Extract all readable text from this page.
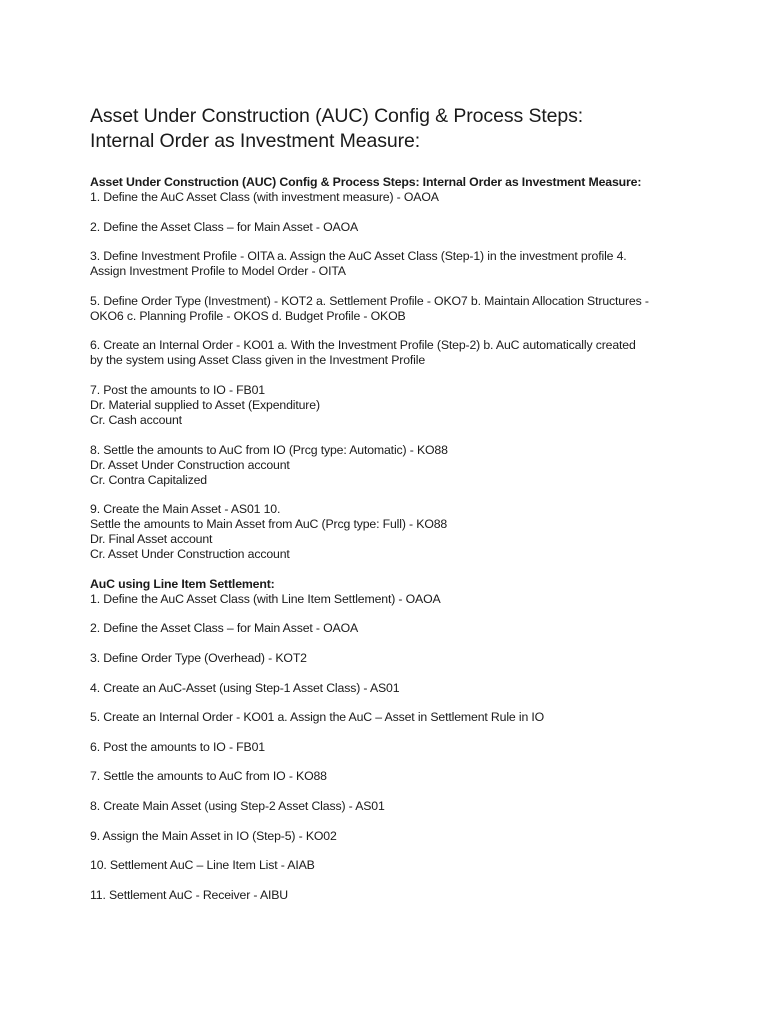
Asset Under Construction (AUC) Config & Process Steps:
Internal Order as Investment Measure:

Asset Under Construction (AUC) Config & Process Steps: Internal Order as Investment Measure:

1. Define the AuC Asset Class (with investment measure) - OAOA

2. Define the Asset Class – for Main Asset - OAOA

3. Define Investment Profile - OITA a. Assign the AuC Asset Class (Step-1) in the investment profile 4.
Assign Investment Profile to Model Order - OITA

5. Define Order Type (Investment) - KOT2 a. Settlement Profile - OKO7 b. Maintain Allocation Structures -
OKO6 c. Planning Profile - OKOS d. Budget Profile - OKOB

6. Create an Internal Order - KO01 a. With the Investment Profile (Step-2) b. AuC automatically created
by the system using Asset Class given in the Investment Profile

7. Post the amounts to IO - FB01
Dr. Material supplied to Asset (Expenditure)
Cr. Cash account

8. Settle the amounts to AuC from IO (Prcg type: Automatic) - KO88
Dr. Asset Under Construction account
Cr. Contra Capitalized

9. Create the Main Asset - AS01 10.
Settle the amounts to Main Asset from AuC (Prcg type: Full) - KO88
Dr. Final Asset account
Cr. Asset Under Construction account

AuC using Line Item Settlement:

1. Define the AuC Asset Class (with Line Item Settlement) - OAOA

2. Define the Asset Class – for Main Asset - OAOA

3. Define Order Type (Overhead) - KOT2

4. Create an AuC-Asset (using Step-1 Asset Class) - AS01

5. Create an Internal Order - KO01 a. Assign the AuC – Asset in Settlement Rule in IO

6. Post the amounts to IO - FB01

7. Settle the amounts to AuC from IO - KO88

8. Create Main Asset (using Step-2 Asset Class) - AS01

9. Assign the Main Asset in IO (Step-5) - KO02

10. Settlement AuC – Line Item List - AIAB

11. Settlement AuC - Receiver - AIBU
